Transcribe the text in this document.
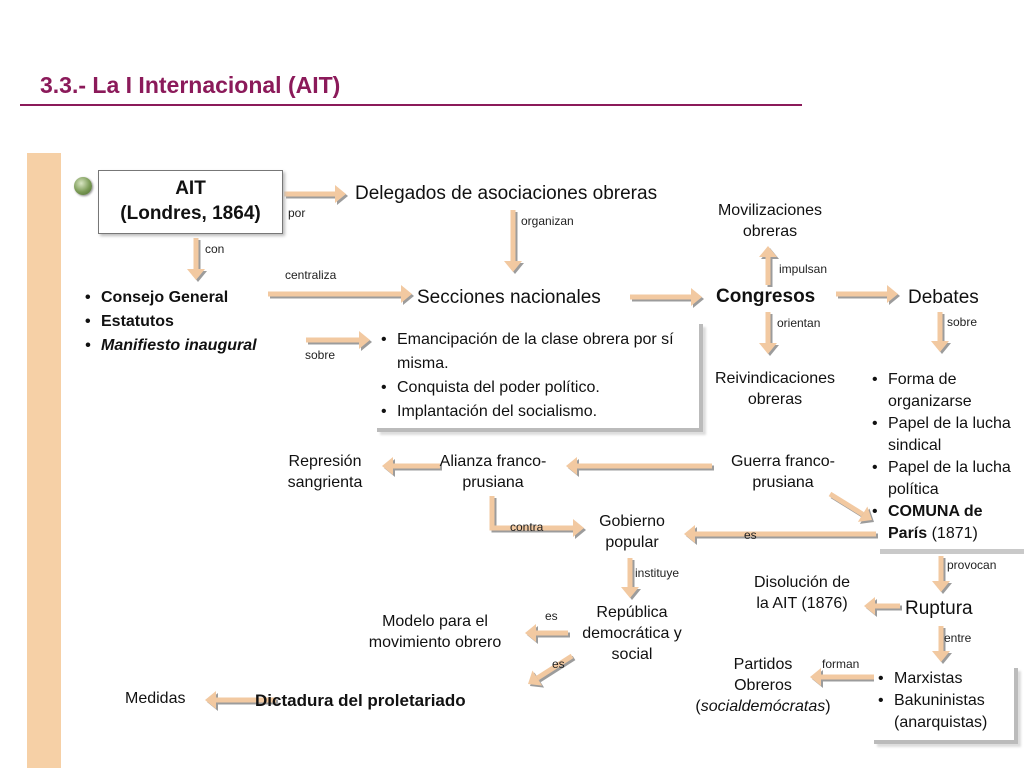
3.3.- La I Internacional (AIT)
AIT
(Londres, 1864)
Delegados de asociaciones obreras
por
con
organizan
centraliza
• Consejo General
• Estatutos
• Manifiesto inaugural
sobre
Secciones nacionales
• Emancipación de la clase obrera por sí misma.
• Conquista del poder político.
• Implantación del socialismo.
Congresos	Debates
Movilizaciones obreras
impulsan
orientan	sobre
Reivindicaciones obreras
• Forma de organizarse
• Papel de la lucha sindical
• Papel de la lucha política
• COMUNA de París (1871)
Represión sangrienta
Alianza franco-prusiana
Guerra franco-prusiana
contra	Gobierno popular	es
instituye
República democrática y social
es
es
Modelo para el movimiento obrero
Dictadura del proletariado
Medidas
Disolución de la AIT (1876)	Ruptura
provocan
entre
forman
Partidos
Obreros
(socialdemócratas)
• Marxistas
• Bakuninistas (anarquistas)
